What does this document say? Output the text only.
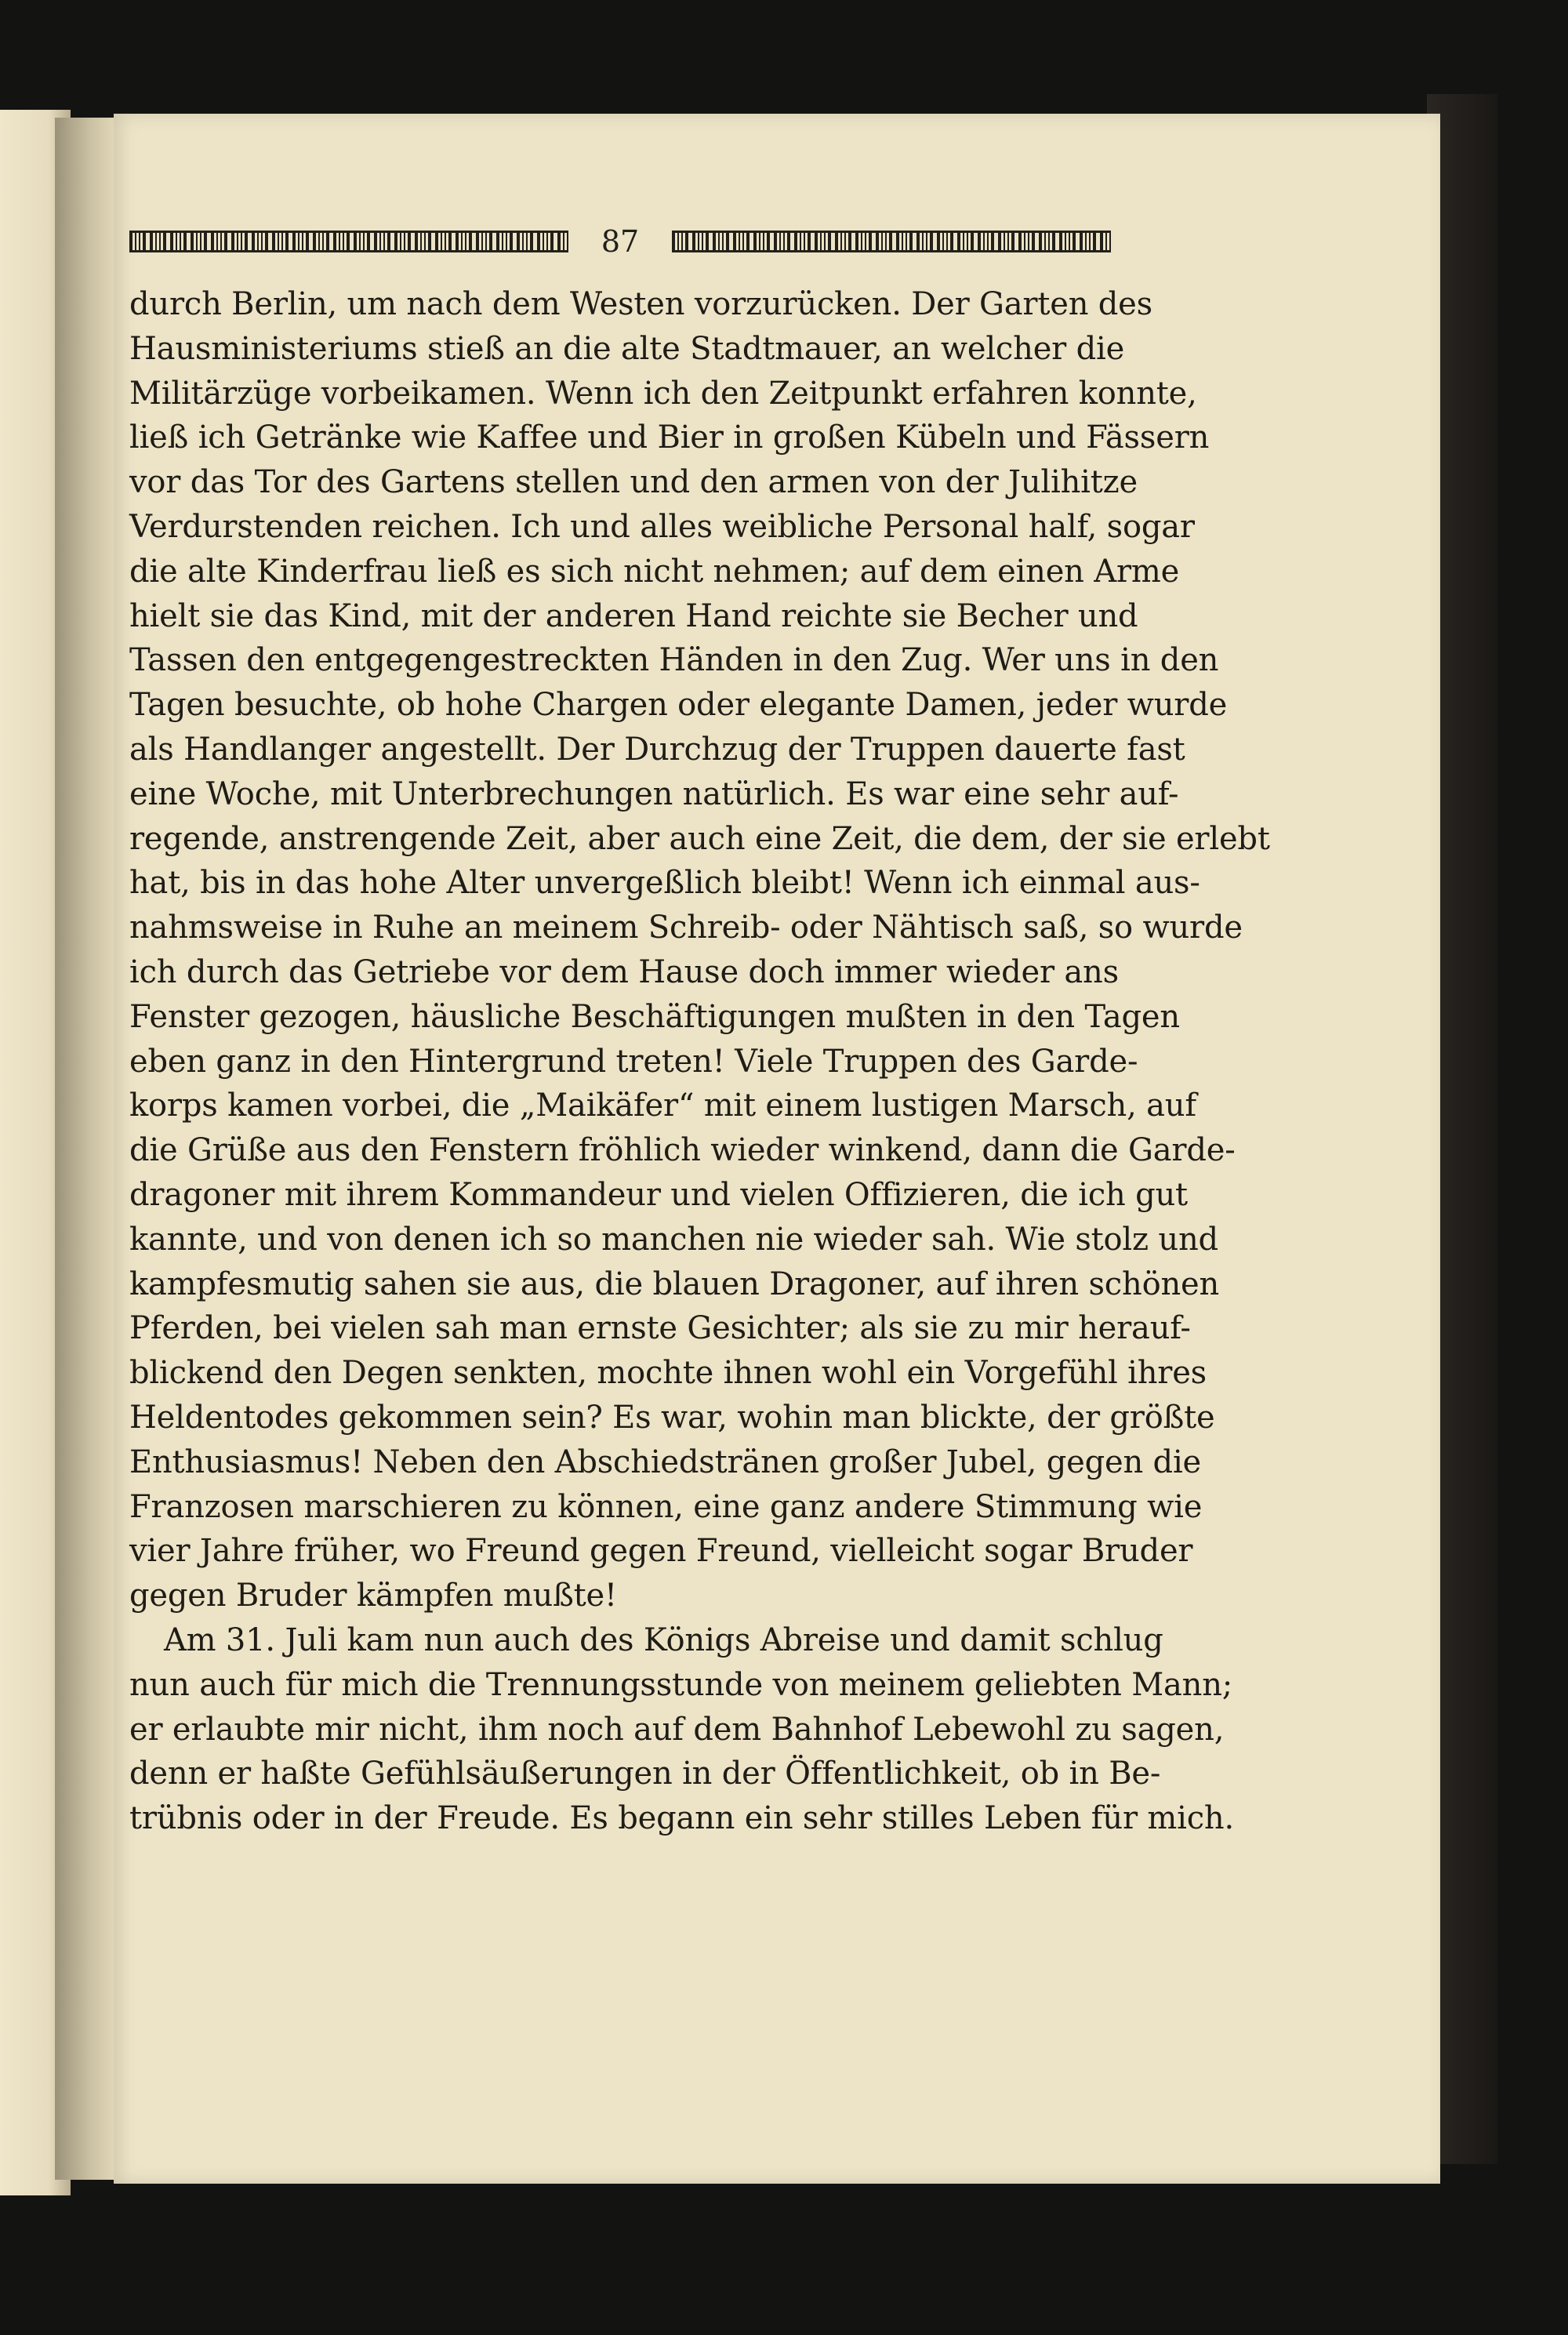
87
durch Berlin, um nach dem Westen vorzurücken. Der Garten des
Hausministeriums stieß an die alte Stadtmauer, an welcher die
Militärzüge vorbeikamen. Wenn ich den Zeitpunkt erfahren konnte,
ließ ich Getränke wie Kaffee und Bier in großen Kübeln und Fässern
vor das Tor des Gartens stellen und den armen von der Julihitze
Verdurstenden reichen. Ich und alles weibliche Personal half, sogar
die alte Kinderfrau ließ es sich nicht nehmen; auf dem einen Arme
hielt sie das Kind, mit der anderen Hand reichte sie Becher und
Tassen den entgegengestreckten Händen in den Zug. Wer uns in den
Tagen besuchte, ob hohe Chargen oder elegante Damen, jeder wurde
als Handlanger angestellt. Der Durchzug der Truppen dauerte fast
eine Woche, mit Unterbrechungen natürlich. Es war eine sehr auf-
regende, anstrengende Zeit, aber auch eine Zeit, die dem, der sie erlebt
hat, bis in das hohe Alter unvergeßlich bleibt! Wenn ich einmal aus-
nahmsweise in Ruhe an meinem Schreib- oder Nähtisch saß, so wurde
ich durch das Getriebe vor dem Hause doch immer wieder ans
Fenster gezogen, häusliche Beschäftigungen mußten in den Tagen
eben ganz in den Hintergrund treten! Viele Truppen des Garde-
korps kamen vorbei, die „Maikäfer“ mit einem lustigen Marsch, auf
die Grüße aus den Fenstern fröhlich wieder winkend, dann die Garde-
dragoner mit ihrem Kommandeur und vielen Offizieren, die ich gut
kannte, und von denen ich so manchen nie wieder sah. Wie stolz und
kampfesmutig sahen sie aus, die blauen Dragoner, auf ihren schönen
Pferden, bei vielen sah man ernste Gesichter; als sie zu mir herauf-
blickend den Degen senkten, mochte ihnen wohl ein Vorgefühl ihres
Heldentodes gekommen sein? Es war, wohin man blickte, der größte
Enthusiasmus! Neben den Abschiedstränen großer Jubel, gegen die
Franzosen marschieren zu können, eine ganz andere Stimmung wie
vier Jahre früher, wo Freund gegen Freund, vielleicht sogar Bruder
gegen Bruder kämpfen mußte!
Am 31. Juli kam nun auch des Königs Abreise und damit schlug
nun auch für mich die Trennungsstunde von meinem geliebten Mann;
er erlaubte mir nicht, ihm noch auf dem Bahnhof Lebewohl zu sagen,
denn er haßte Gefühlsäußerungen in der Öffentlichkeit, ob in Be-
trübnis oder in der Freude. Es begann ein sehr stilles Leben für mich.
